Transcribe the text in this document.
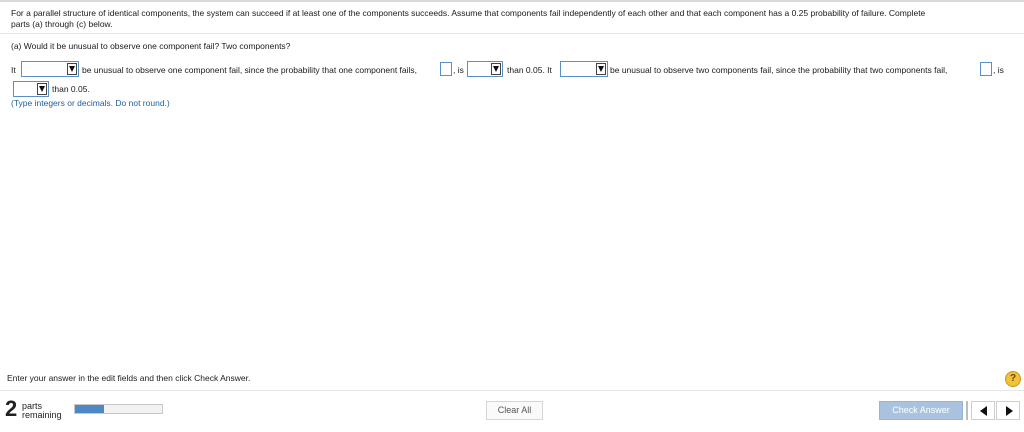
For a parallel structure of identical components, the system can succeed if at least one of the components succeeds. Assume that components fail independently of each other and that each component has a 0.25 probability of failure. Complete
parts (a) through (c) below.
(a) Would it be unusual to observe one component fail? Two components?
It	be unusual to observe one component fail, since the probability that one component fails,	, is	than 0.05. It	be unusual to observe two components fail, since the probability that two components fail,	, is
than 0.05.
(Type integers or decimals. Do not round.)
Enter your answer in the edit fields and then click Check Answer.	?
2 parts
remaining	Clear All	Check Answer
